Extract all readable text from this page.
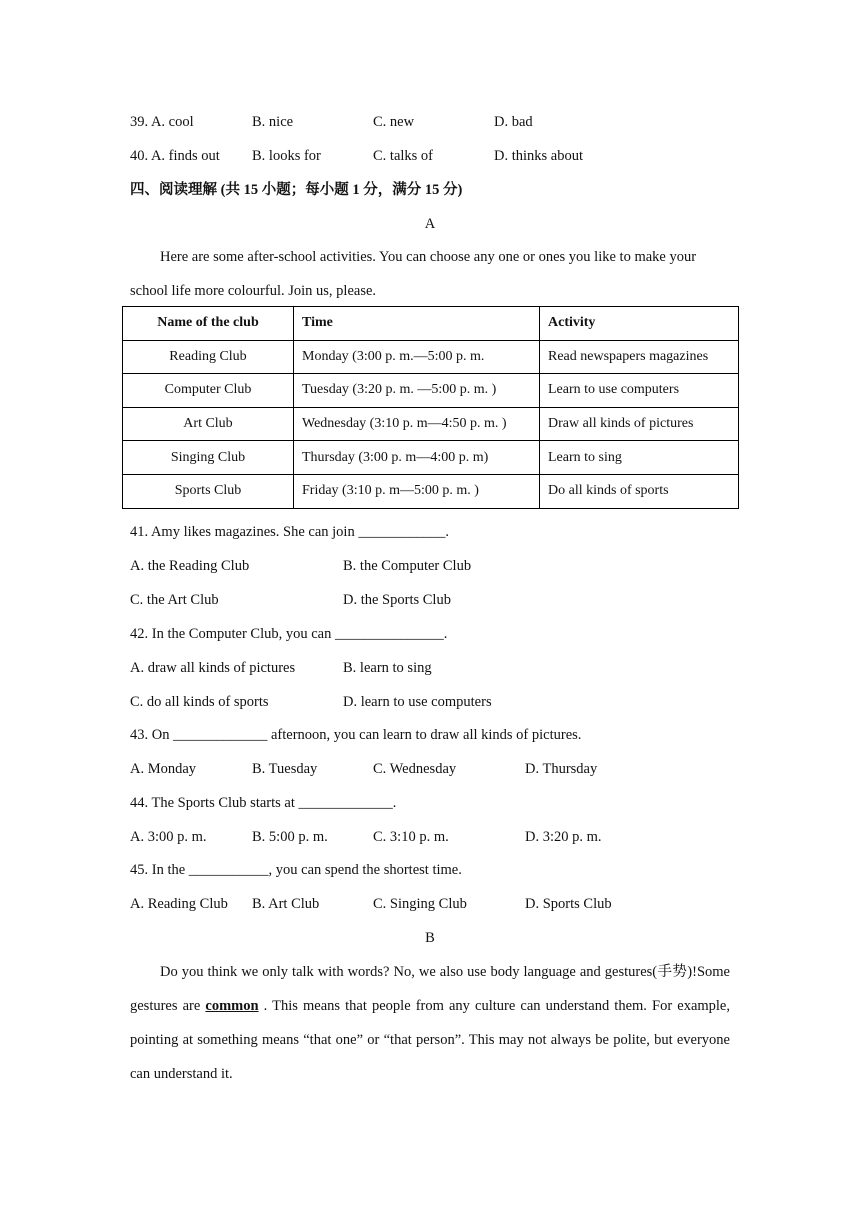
39. A. cool	B. nice	C. new	D. bad
40. A. finds out B. looks for	C. talks of	D. thinks about
四、阅读理解 (共 15 小题；每小题 1 分，满分 15 分)
A
Here are some after-school activities. You can choose any one or ones you like to make your
school life more colourful. Join us, please.
Name of the club	Time	Activity
Reading Club	Monday (3:00 p. m.—5:00 p. m.	Read newspapers magazines
Computer Club	Tuesday (3:20 p. m. —5:00 p. m. )	Learn to use computers
Art Club	Wednesday (3:10 p. m—4:50 p. m. )	Draw all kinds of pictures
Singing Club	Thursday (3:00 p. m—4:00 p. m)	Learn to sing
Sports Club	Friday (3:10 p. m—5:00 p. m. )	Do all kinds of sports
41. Amy likes magazines. She can join ____________.
A. the Reading Club	B. the Computer Club
C. the Art Club	D. the Sports Club
42. In the Computer Club, you can _______________.
A. draw all kinds of pictures	B. learn to sing
C. do all kinds of sports	D. learn to use computers
43. On _____________ afternoon, you can learn to draw all kinds of pictures.
A. Monday	B. Tuesday	C. Wednesday	D. Thursday
44. The Sports Club starts at _____________.
A. 3:00 p. m.	B. 5:00 p. m.	C. 3:10 p. m.	D. 3:20 p. m.
45. In the ___________, you can spend the shortest time.
A. Reading Club B. Art Club	C. Singing Club	D. Sports Club
B
Do you think we only talk with words? No, we also use body language and gestures(手势)!Some gestures are common . This means that people from any culture can understand them. For example, pointing at something means “that one” or “that person”. This may not always be polite, but everyone can understand it.
